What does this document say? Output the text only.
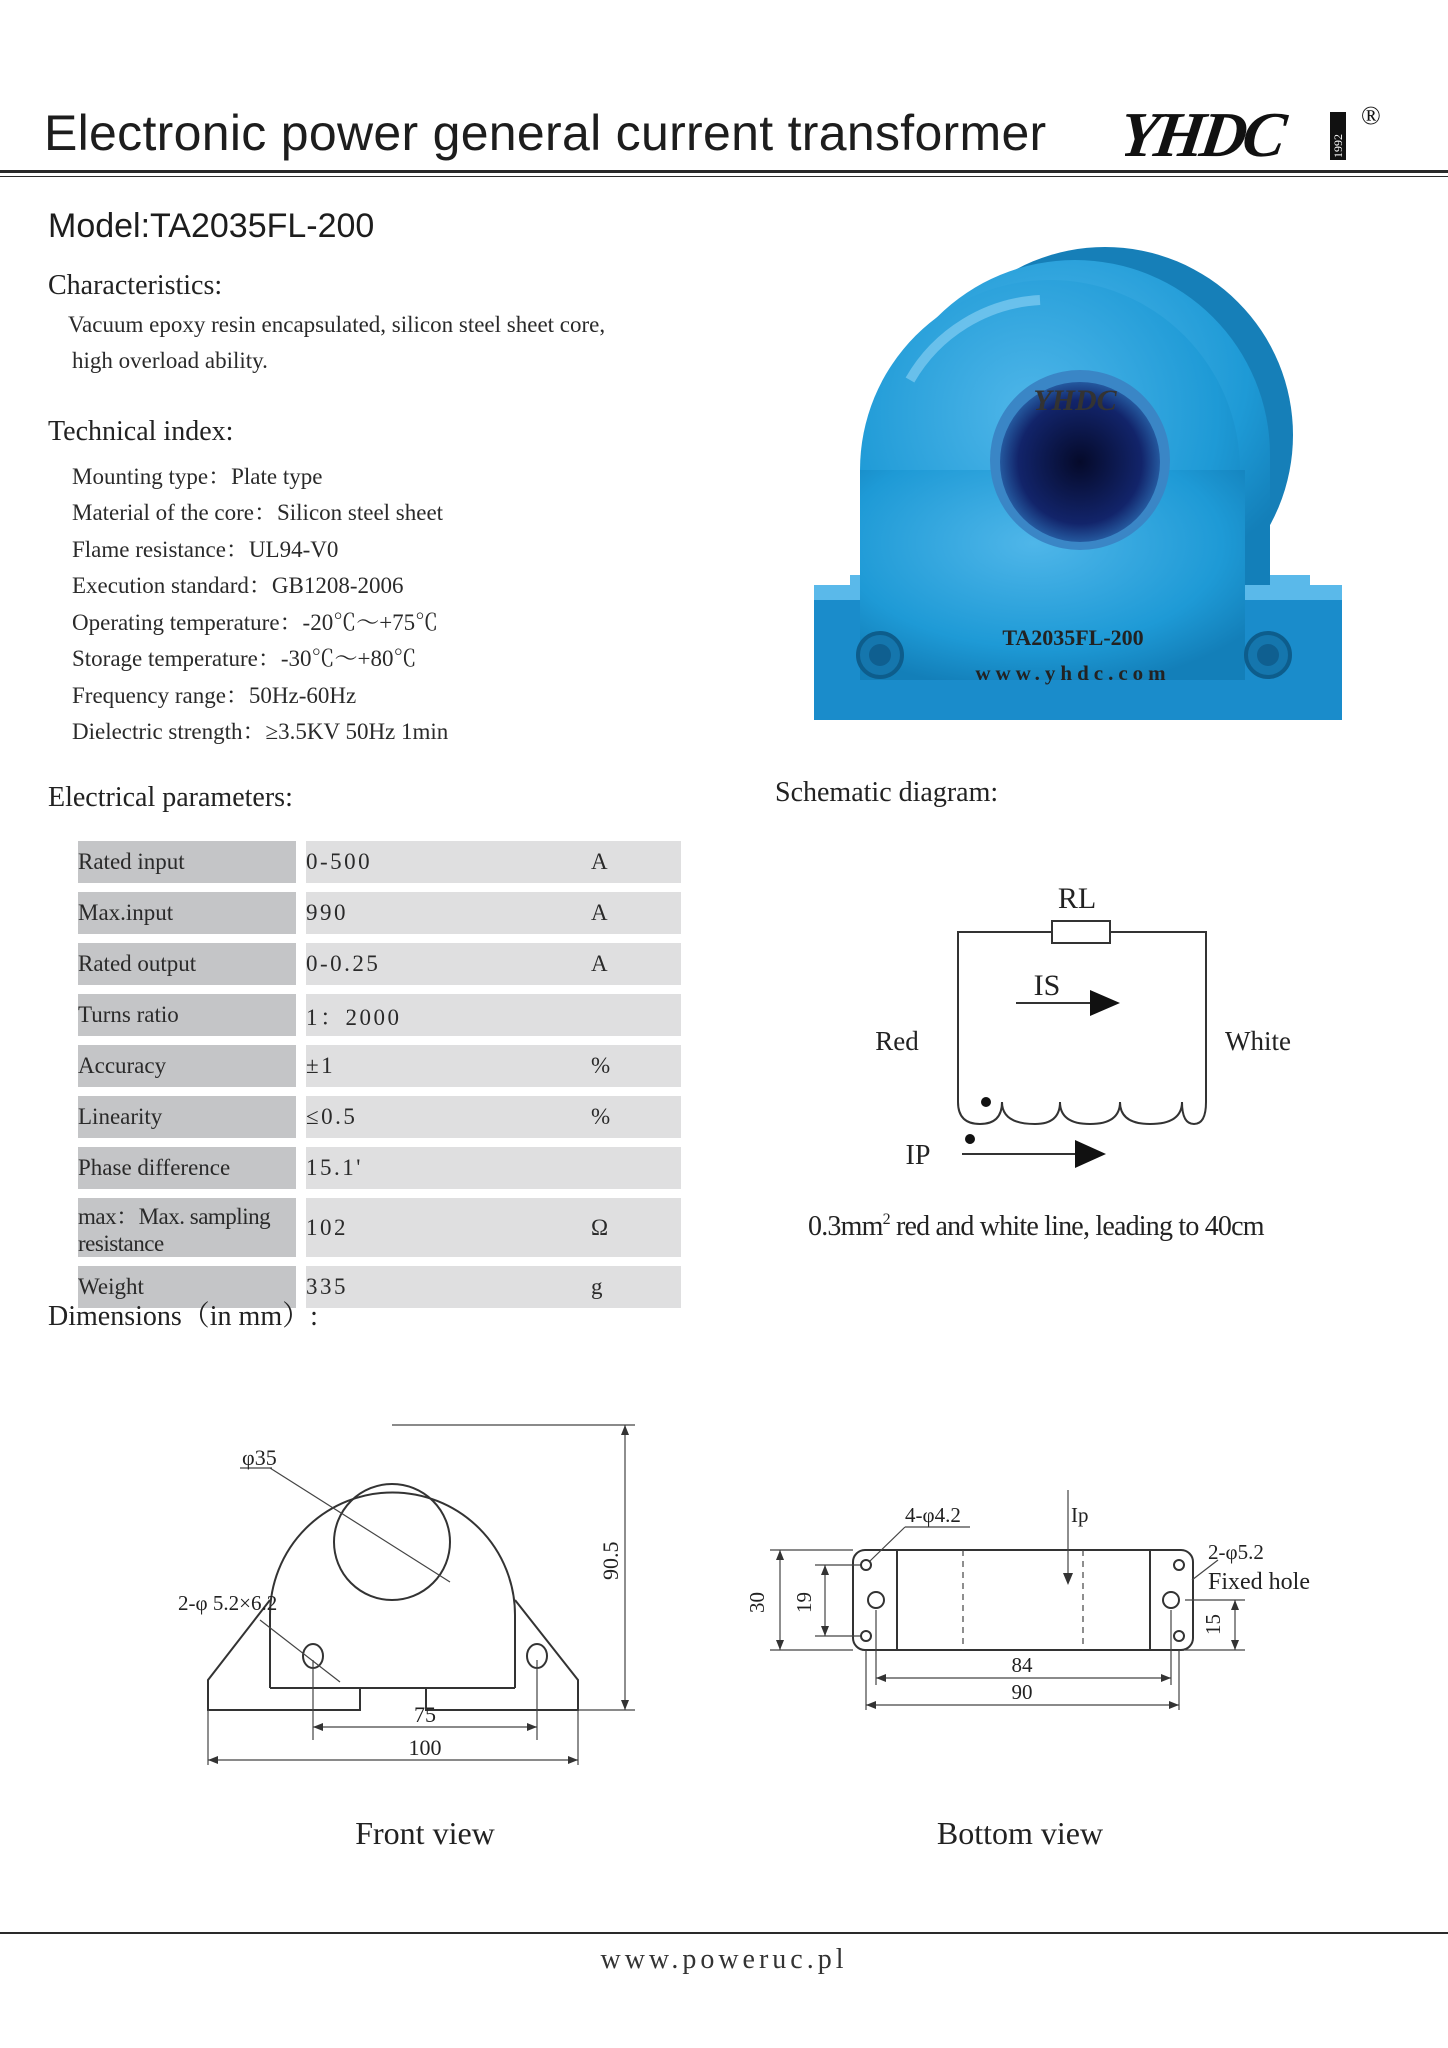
Electronic power general current transformer YHDC	1992
®
Model:TA2035FL-200
Characteristics:
Vacuum epoxy resin encapsulated, silicon steel sheet core,
high overload ability.
Technical index:
Mounting type：Plate type
Material of the core：Silicon steel sheet
Flame resistance：UL94-V0
Execution standard：GB1208-2006
Operating temperature：-20℃～+75℃
Storage temperature：-30℃～+80℃
Frequency range：50Hz-60Hz
Dielectric strength：≥3.5KV 50Hz 1min
YHDC
TA2035FL-200
www.yhdc.com
Electrical parameters:
Rated input		0-500	A
Max.input		990	A
Rated output		0-0.25	A
Turns ratio		1：2000	
Accuracy		±1	%
Linearity		≤0.5	%
Phase difference		15.1'	
max：Max. sampling resistance		102	Ω
Weight		335	g
Schematic diagram:
RL
IS
Red	White
IP
$0.3mm^2$ red and white line, leading to 40cm
Dimensions（in mm）:
φ35
2-φ 5.2×6.2
90.5
75
100
Front view
4-φ4.2	Ip
2-φ5.2
Fixed hole
30 19
15
84
90
Bottom view
www.poweruc.pl
